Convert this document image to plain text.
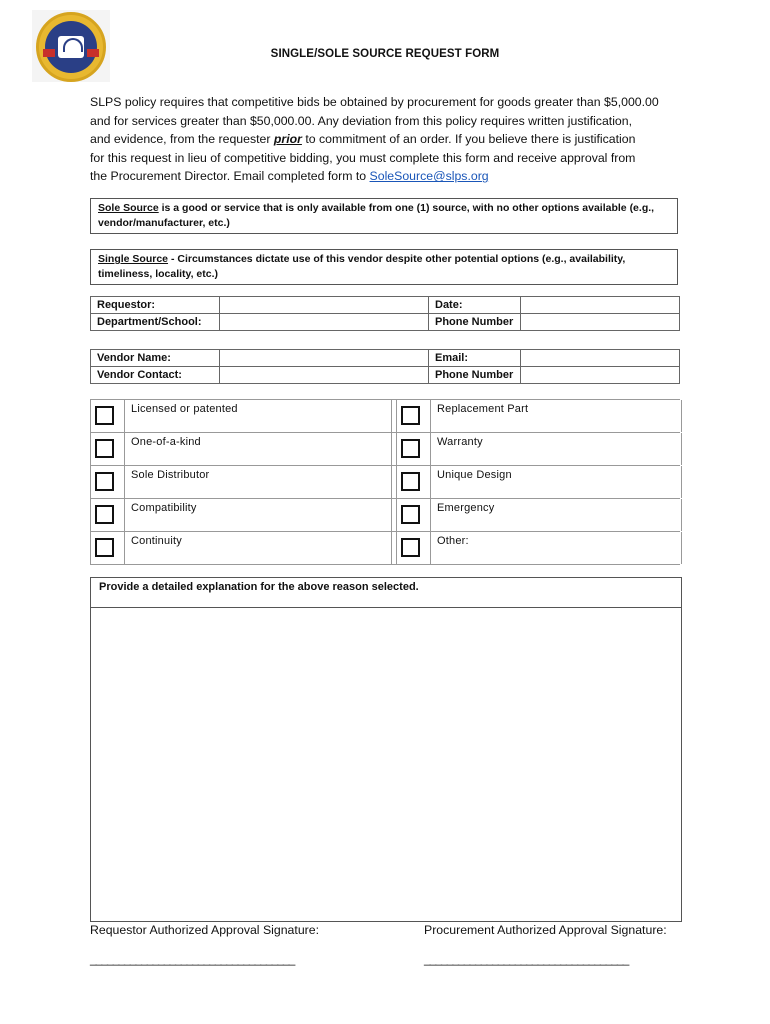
SINGLE/SOLE SOURCE REQUEST FORM
SLPS policy requires that competitive bids be obtained by procurement for goods greater than $5,000.00
and for services greater than $50,000.00. Any deviation from this policy requires written justification,
and evidence, from the requester prior to commitment of an order. If you believe there is justification
for this request in lieu of competitive bidding, you must complete this form and receive approval from
the Procurement Director. Email completed form to SoleSource@slps.org
Sole Source is a good or service that is only available from one (1) source, with no other options available (e.g., vendor/manufacturer, etc.)
Single Source - Circumstances dictate use of this vendor despite other potential options (e.g., availability, timeliness, locality, etc.)
Requestor:		Date:	
Department/School:		Phone Number	
Vendor Name:		Email:	
Vendor Contact:		Phone Number	
Licensed or patented	Replacement Part
One-of-a-kind	Warranty
Sole Distributor	Unique Design
Compatibility	Emergency
Continuity	Other:
Provide a detailed explanation for the above reason selected.
Requestor Authorized Approval Signature:	Procurement Authorized Approval Signature:
____________________________________	____________________________________
